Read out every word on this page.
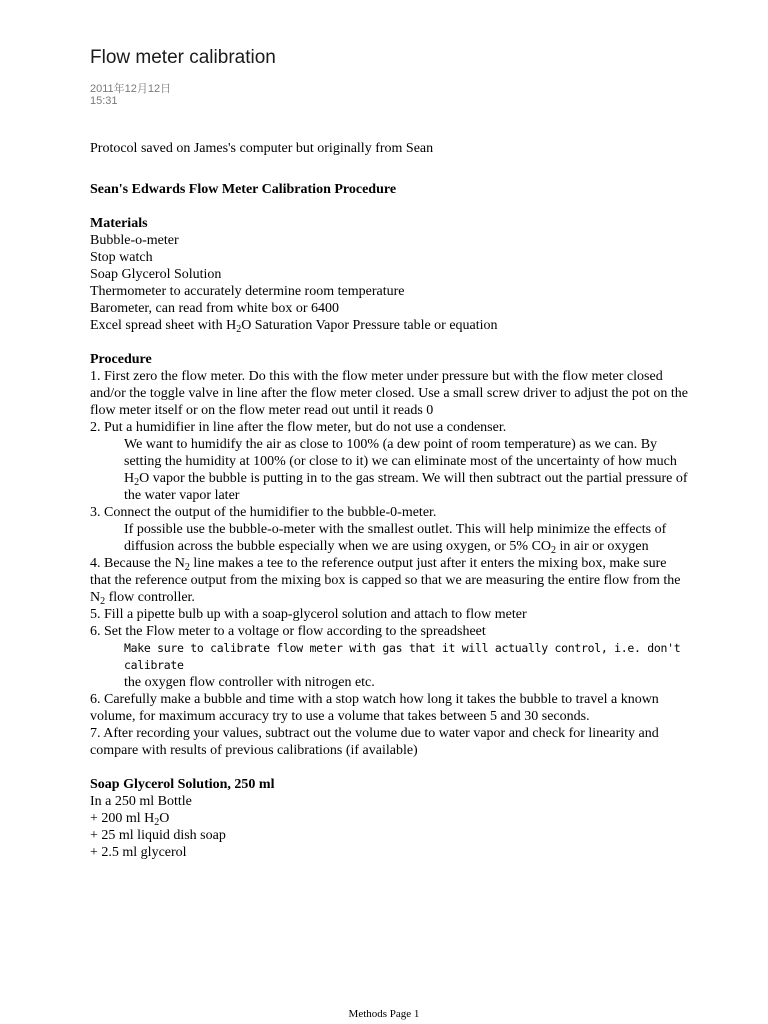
Flow meter calibration
2011年12月12日
15:31

Protocol saved on James's computer but originally from Sean

Sean's Edwards Flow Meter Calibration Procedure

Materials

Bubble-o-meter

Stop watch

Soap Glycerol Solution

Thermometer to accurately determine room temperature

Barometer, can read from white box or 6400

Excel spread sheet with $H_2O$ Saturation Vapor Pressure table or equation

Procedure

1. First zero the flow meter. Do this with the flow meter under pressure but with the flow meter closed and/or the toggle valve in line after the flow meter closed. Use a small screw driver to adjust the pot on the flow meter itself or on the flow meter read out until it reads 0

2. Put a humidifier in line after the flow meter, but do not use a condenser.

We want to humidify the air as close to 100% (a dew point of room temperature) as we can. By setting the humidity at 100% (or close to it) we can eliminate most of the uncertainty of how much $H_2O$ vapor the bubble is putting in to the gas stream. We will then subtract out the partial pressure of the water vapor later

3. Connect the output of the humidifier to the bubble-0-meter.

If possible use the bubble-o-meter with the smallest outlet. This will help minimize the effects of diffusion across the bubble especially when we are using oxygen, or 5% $CO_2$ in air or oxygen

4. Because the $N_2$ line makes a tee to the reference output just after it enters the mixing box, make sure that the reference output from the mixing box is capped so that we are measuring the entire flow from the $N_2$ flow controller.

5. Fill a pipette bulb up with a soap-glycerol solution and attach to flow meter

6. Set the Flow meter to a voltage or flow according to the spreadsheet

Make sure to calibrate flow meter with gas that it will actually control, i.e. don't calibrate

the oxygen flow controller with nitrogen etc.

6. Carefully make a bubble and time with a stop watch how long it takes the bubble to travel a known volume, for maximum accuracy try to use a volume that takes between 5 and 30 seconds.

7. After recording your values, subtract out the volume due to water vapor and check for linearity and compare with results of previous calibrations (if available)

Soap Glycerol Solution, 250 ml

In a 250 ml Bottle

+ 200 ml $H_2O$

+ 25 ml liquid dish soap

+ 2.5 ml glycerol

Methods Page 1
